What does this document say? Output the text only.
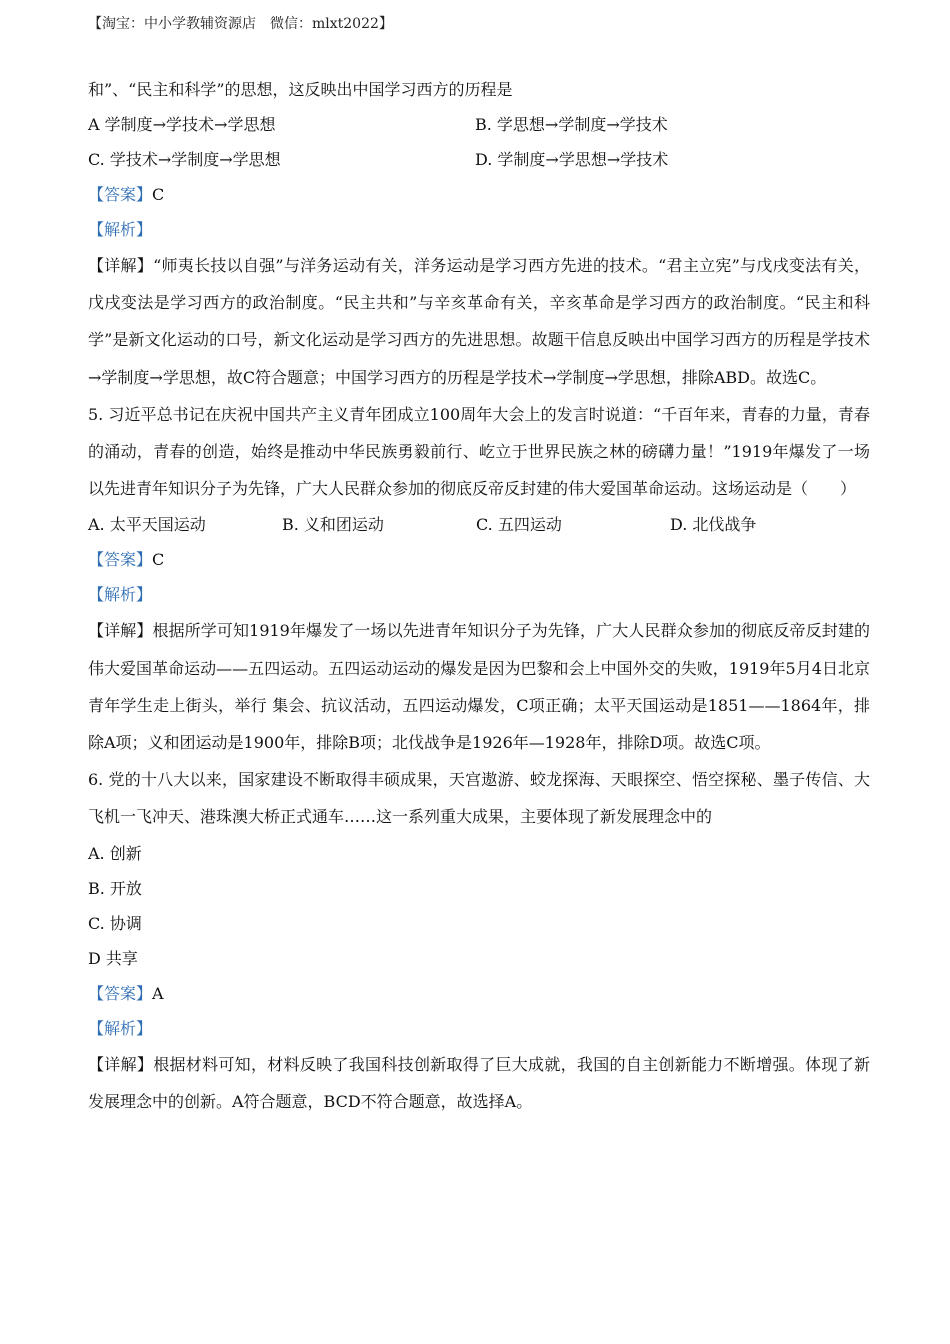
【淘宝：中小学教辅资源店　微信：mlxt2022】
和”、“民主和科学”的思想，这反映出中国学习西方的历程是
A 学制度→学技术→学思想	B. 学思想→学制度→学技术
C. 学技术→学制度→学思想	D. 学制度→学思想→学技术
【答案】C
【解析】
【详解】“师夷长技以自强”与洋务运动有关，洋务运动是学习西方先进的技术。“君主立宪”与戊戌变法有关，戊戌变法是学习西方的政治制度。“民主共和”与辛亥革命有关，辛亥革命是学习西方的政治制度。“民主和科学”是新文化运动的口号，新文化运动是学习西方的先进思想。故题干信息反映出中国学习西方的历程是学技术→学制度→学思想，故C符合题意；中国学习西方的历程是学技术→学制度→学思想，排除ABD。故选C。
5. 习近平总书记在庆祝中国共产主义青年团成立100周年大会上的发言时说道：“千百年来，青春的力量，青春的涌动，青春的创造，始终是推动中华民族勇毅前行、屹立于世界民族之林的磅礴力量！”1919年爆发了一场以先进青年知识分子为先锋，广大人民群众参加的彻底反帝反封建的伟大爱国革命运动。这场运动是（　　）
A. 太平天国运动	B. 义和团运动	C. 五四运动	D. 北伐战争
【答案】C
【解析】
【详解】根据所学可知1919年爆发了一场以先进青年知识分子为先锋，广大人民群众参加的彻底反帝反封建的伟大爱国革命运动——五四运动。五四运动运动的爆发是因为巴黎和会上中国外交的失败，1919年5月4日北京青年学生走上街头，举行 集会、抗议活动，五四运动爆发，C项正确；太平天国运动是1851——1864年，排除A项；义和团运动是1900年，排除B项；北伐战争是1926年—1928年，排除D项。故选C项。
6. 党的十八大以来，国家建设不断取得丰硕成果，天宫遨游、蛟龙探海、天眼探空、悟空探秘、墨子传信、大飞机一飞冲天、港珠澳大桥正式通车……这一系列重大成果，主要体现了新发展理念中的
A. 创新
B. 开放
C. 协调
D 共享
【答案】A
【解析】
【详解】根据材料可知，材料反映了我国科技创新取得了巨大成就，我国的自主创新能力不断增强。体现了新发展理念中的创新。A符合题意，BCD不符合题意，故选择A。
